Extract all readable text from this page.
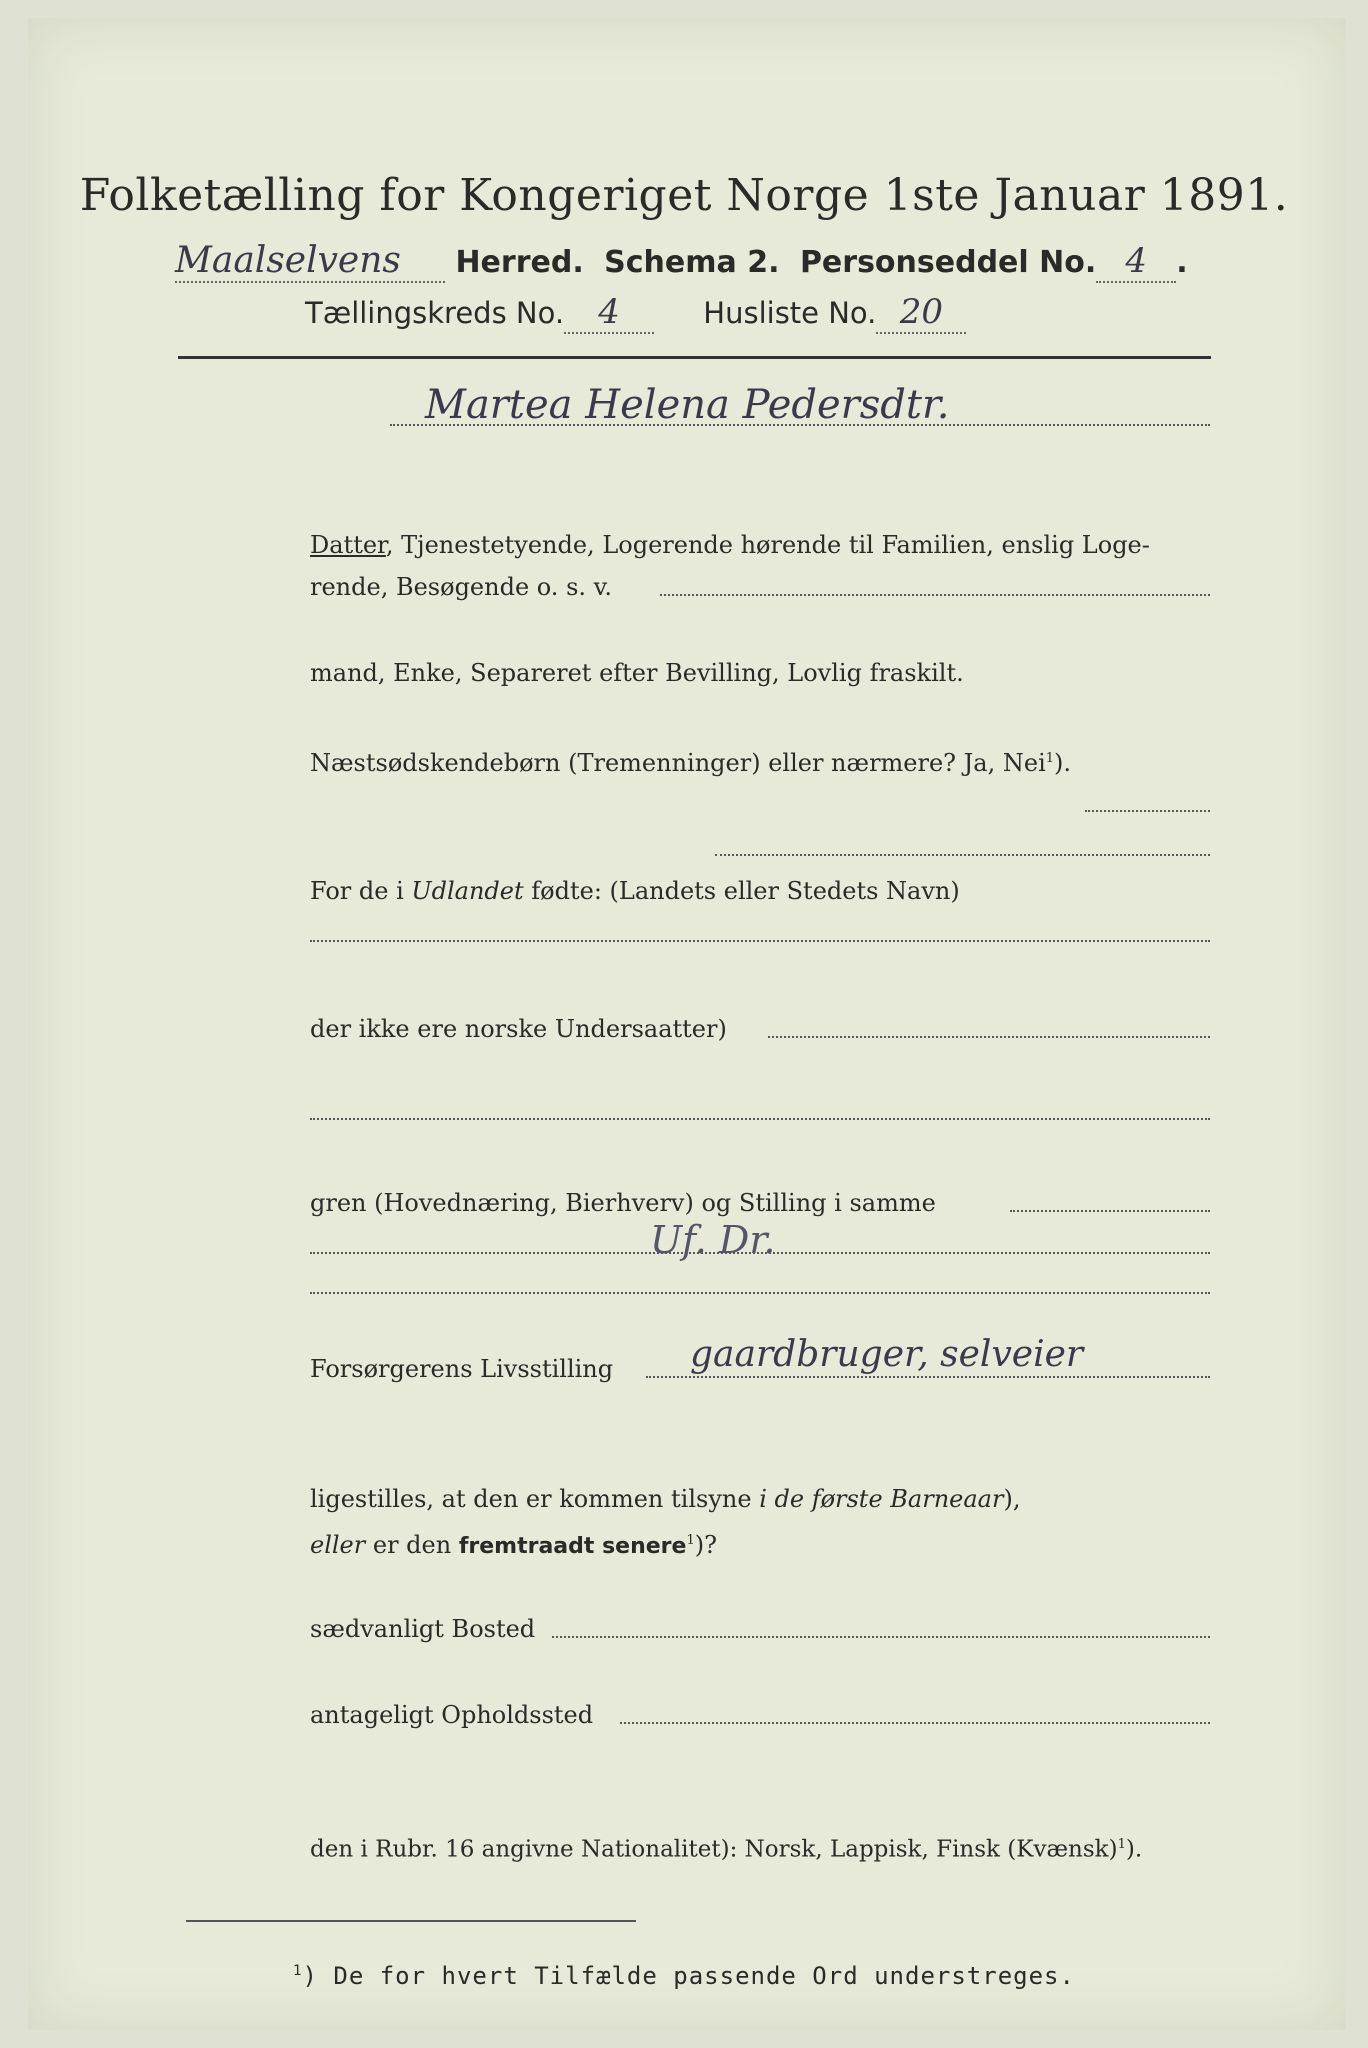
Folketælling for Kongeriget Norge 1ste Januar 1891.
Maalselvens Herred. Schema 2. Personseddel No. 4 .
Tællingskreds No. 4	Husliste No. 20
Martea Helena Pedersdtr.
Datter, Tjenestetyende, Logerende hørende til Familien, enslig Loge-
rende, Besøgende o. s. v.
mand, Enke, Separeret efter Bevilling, Lovlig fraskilt.
Næstsødskendebørn (Tremenninger) eller nærmere? Ja, Nei$^1$).

For de i Udlandet fødte: (Landets eller Stedets Navn)
der ikke ere norske Undersaatter)
gren (Hovednæring, Bierhverv) og Stilling i samme
Uf. Dr.
Forsørgerens Livsstilling	gaardbruger, selveier
ligestilles, at den er kommen tilsyne i de første Barneaar),
eller er den fremtraadt senere$^1$)?
sædvanligt Bosted
antageligt Opholdssted
den i Rubr. 16 angivne Nationalitet): Norsk, Lappisk, Finsk (Kvænsk)$^1$).
$^1$) De for hvert Tilfælde passende Ord understreges.
